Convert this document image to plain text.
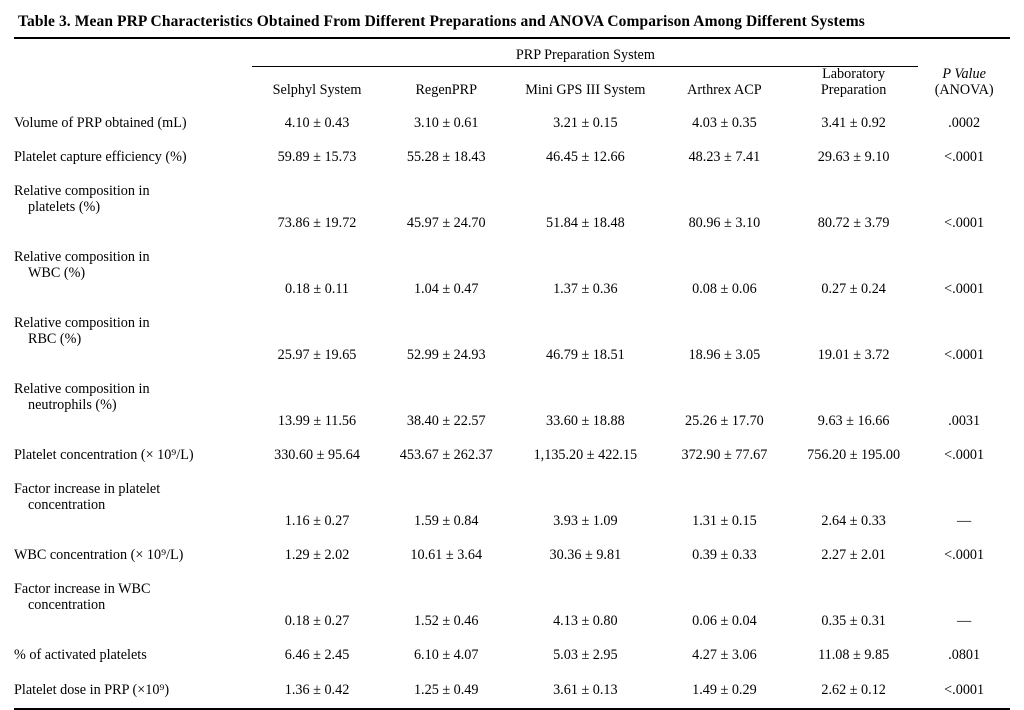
Table 3. Mean PRP Characteristics Obtained From Different Preparations and ANOVA Comparison Among Different Systems

	PRP Preparation System					

	Selphyl System	RegenPRP	Mini GPS III System	Arthrex ACP	Laboratory
Preparation	P Value
(ANOVA)

Volume of PRP obtained (mL)	4.10 ± 0.43	3.10 ± 0.61	3.21 ± 0.15	4.03 ± 0.35	3.41 ± 0.92	.0002

Platelet capture efficiency (%)	59.89 ± 15.73	55.28 ± 18.43	46.45 ± 12.66	48.23 ± 7.41	29.63 ± 9.10	<.0001

Relative composition in

platelets (%)	73.86 ± 19.72	45.97 ± 24.70	51.84 ± 18.48	80.96 ± 3.10	80.72 ± 3.79	<.0001

Relative composition in

WBC (%)	0.18 ± 0.11	1.04 ± 0.47	1.37 ± 0.36	0.08 ± 0.06	0.27 ± 0.24	<.0001

Relative composition in

RBC (%)	25.97 ± 19.65	52.99 ± 24.93	46.79 ± 18.51	18.96 ± 3.05	19.01 ± 3.72	<.0001

Relative composition in

neutrophils (%)	13.99 ± 11.56	38.40 ± 22.57	33.60 ± 18.88	25.26 ± 17.70	9.63 ± 16.66	.0031

Platelet concentration (× 10⁹/L)	330.60 ± 95.64	453.67 ± 262.37	1,135.20 ± 422.15	372.90 ± 77.67	756.20 ± 195.00	<.0001

Factor increase in platelet

concentration	1.16 ± 0.27	1.59 ± 0.84	3.93 ± 1.09	1.31 ± 0.15	2.64 ± 0.33	—

WBC concentration (× 10⁹/L)	1.29 ± 2.02	10.61 ± 3.64	30.36 ± 9.81	0.39 ± 0.33	2.27 ± 2.01	<.0001

Factor increase in WBC

concentration	0.18 ± 0.27	1.52 ± 0.46	4.13 ± 0.80	0.06 ± 0.04	0.35 ± 0.31	—

% of activated platelets	6.46 ± 2.45	6.10 ± 4.07	5.03 ± 2.95	4.27 ± 3.06	11.08 ± 9.85	.0801

Platelet dose in PRP (×10⁹)	1.36 ± 0.42	1.25 ± 0.49	3.61 ± 0.13	1.49 ± 0.29	2.62 ± 0.12	<.0001
